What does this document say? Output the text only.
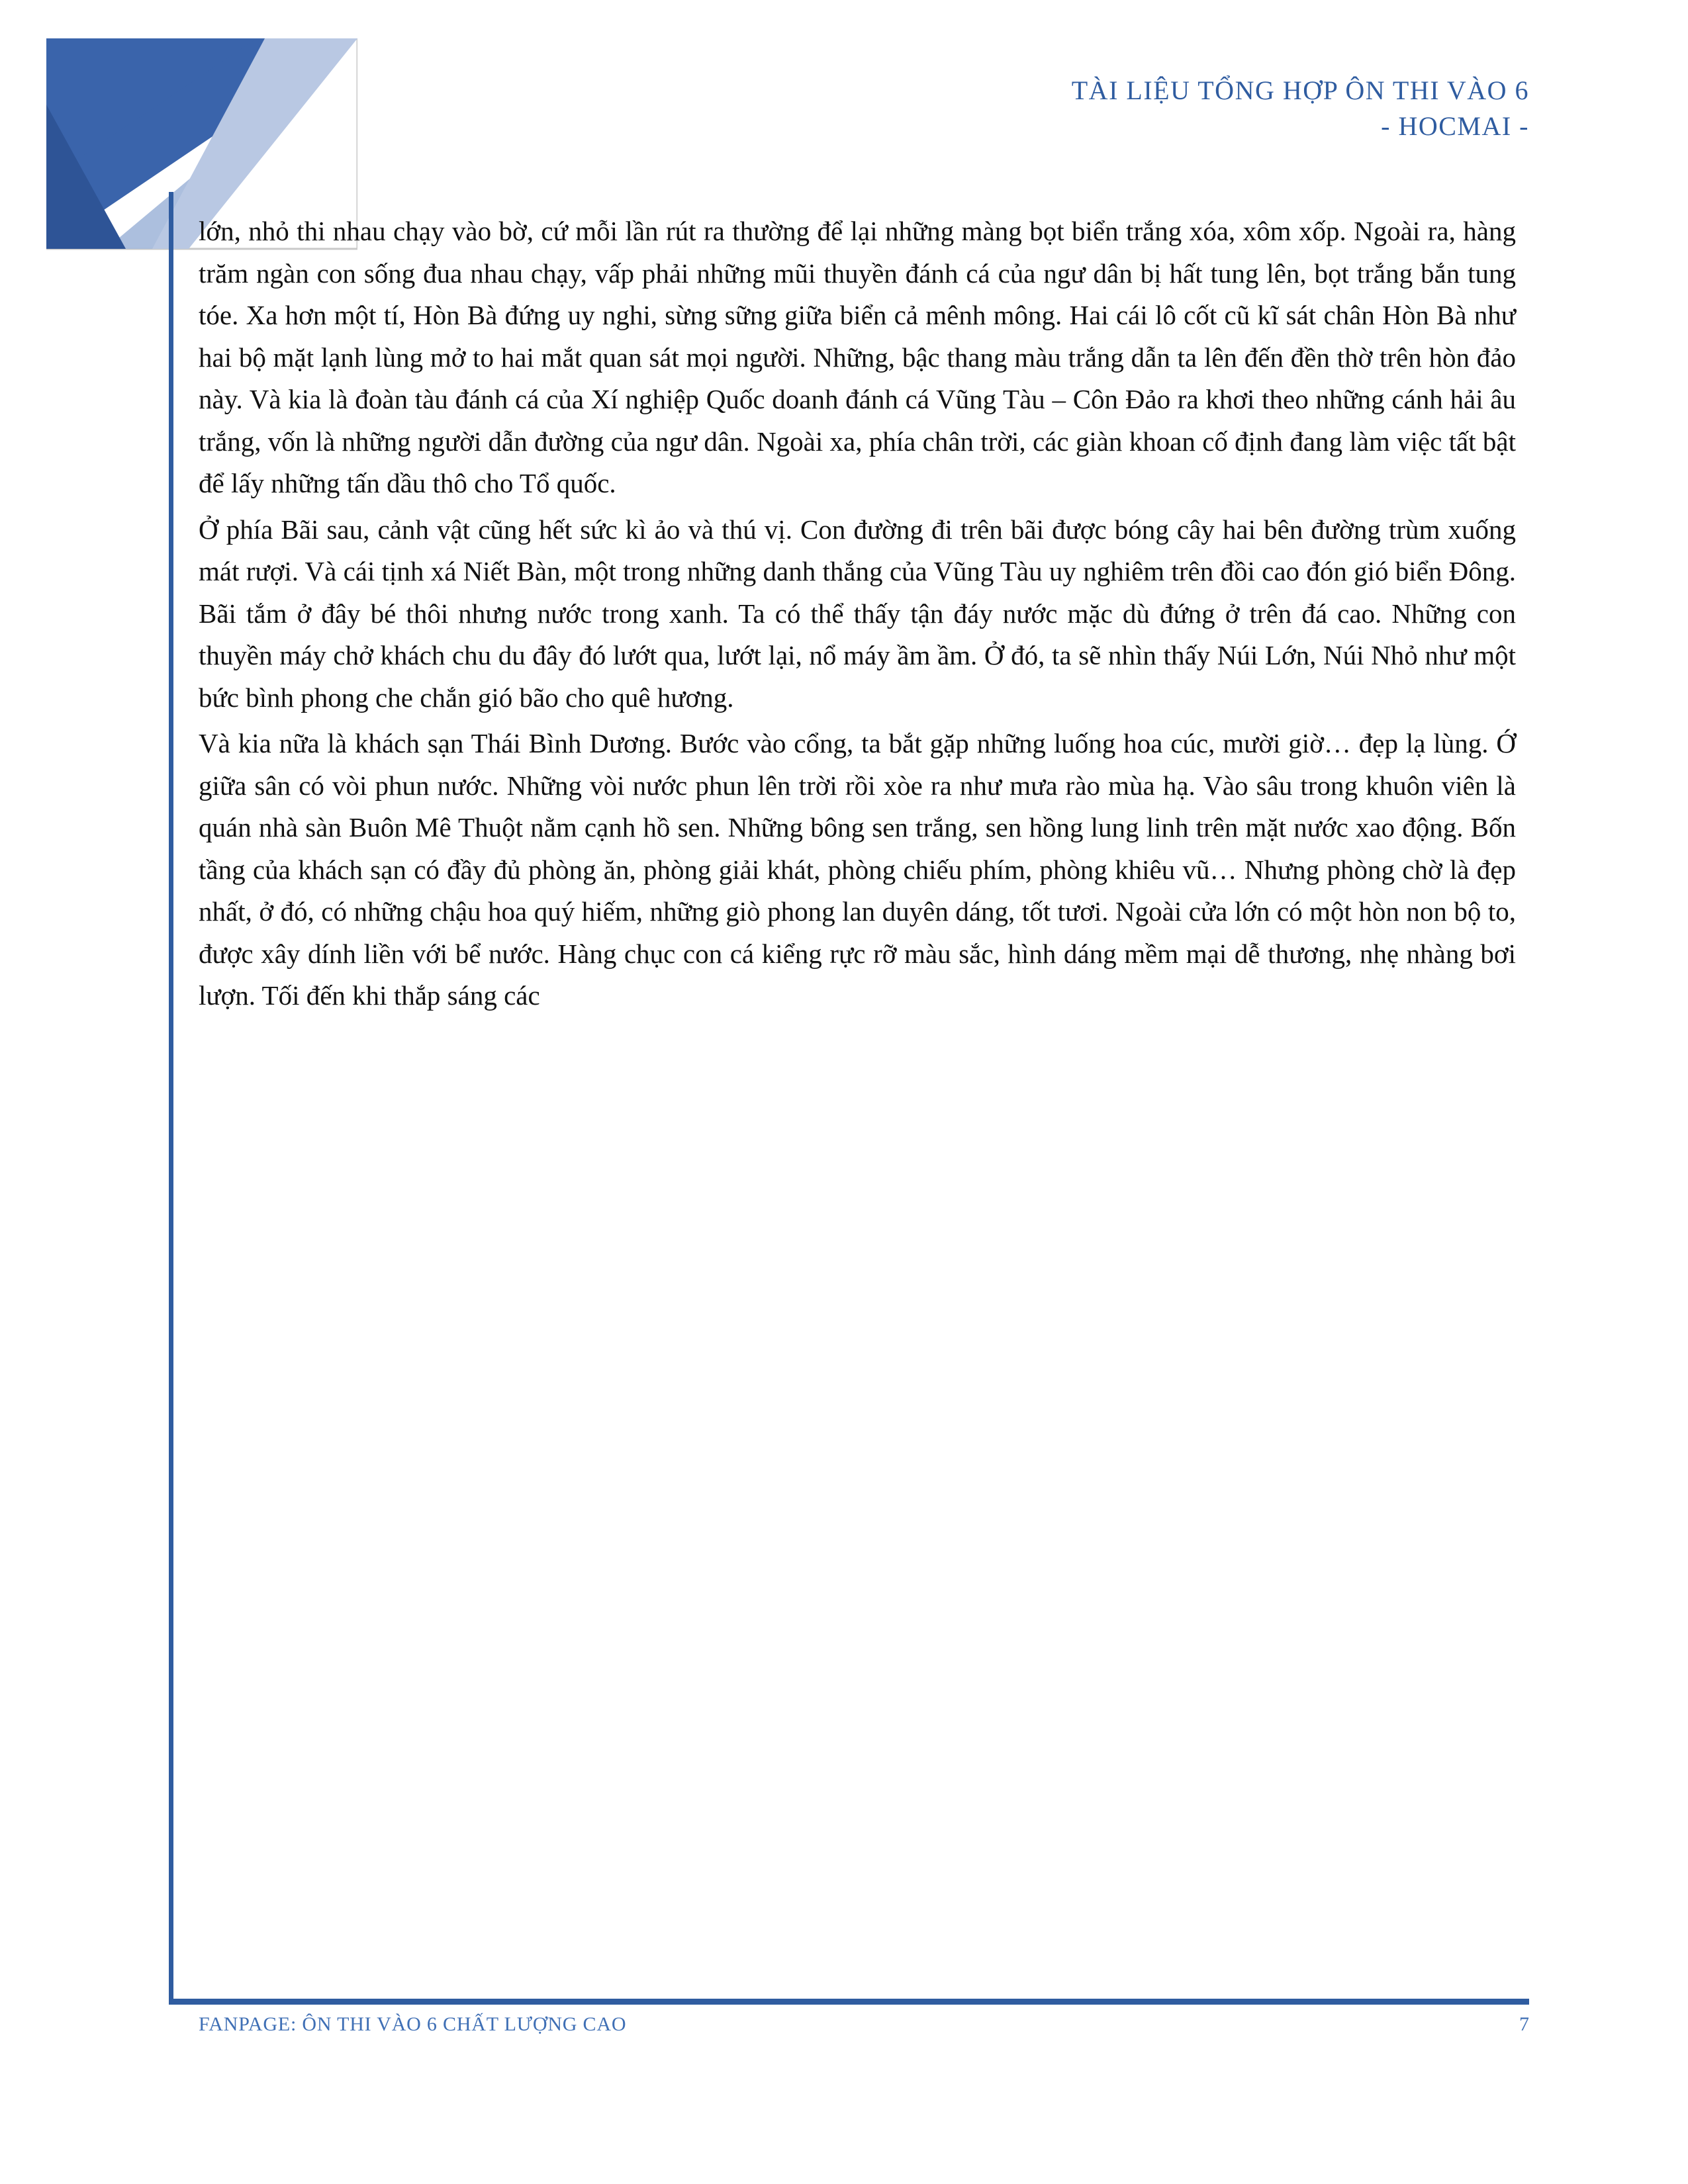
TÀI LIỆU TỔNG HỢP ÔN THI VÀO 6
- HOCMAI -

lớn, nhỏ thi nhau chạy vào bờ, cứ mỗi lần rút ra thường để lại những màng bọt biển trắng xóa, xôm xốp. Ngoài ra, hàng trăm ngàn con sống đua nhau chạy, vấp phải những mũi thuyền đánh cá của ngư dân bị hất tung lên, bọt trắng bắn tung tóe. Xa hơn một tí, Hòn Bà đứng uy nghi, sừng sững giữa biển cả mênh mông. Hai cái lô cốt cũ kĩ sát chân Hòn Bà như hai bộ mặt lạnh lùng mở to hai mắt quan sát mọi người. Những, bậc thang màu trắng dẫn ta lên đến đền thờ trên hòn đảo này. Và kia là đoàn tàu đánh cá của Xí nghiệp Quốc doanh đánh cá Vũng Tàu – Côn Đảo ra khơi theo những cánh hải âu trắng, vốn là những người dẫn đường của ngư dân. Ngoài xa, phía chân trời, các giàn khoan cố định đang làm việc tất bật để lấy những tấn dầu thô cho Tổ quốc.

Ở phía Bãi sau, cảnh vật cũng hết sức kì ảo và thú vị. Con đường đi trên bãi được bóng cây hai bên đường trùm xuống mát rượi. Và cái tịnh xá Niết Bàn, một trong những danh thắng của Vũng Tàu uy nghiêm trên đồi cao đón gió biển Đông. Bãi tắm ở đây bé thôi nhưng nước trong xanh. Ta có thể thấy tận đáy nước mặc dù đứng ở trên đá cao. Những con thuyền máy chở khách chu du đây đó lướt qua, lướt lại, nổ máy ầm ầm. Ở đó, ta sẽ nhìn thấy Núi Lớn, Núi Nhỏ như một bức bình phong che chắn gió bão cho quê hương.

Và kia nữa là khách sạn Thái Bình Dương. Bước vào cổng, ta bắt gặp những luống hoa cúc, mười giờ… đẹp lạ lùng. Ớ giữa sân có vòi phun nước. Những vòi nước phun lên trời rồi xòe ra như mưa rào mùa hạ. Vào sâu trong khuôn viên là quán nhà sàn Buôn Mê Thuột nằm cạnh hồ sen. Những bông sen trắng, sen hồng lung linh trên mặt nước xao động. Bốn tầng của khách sạn có đầy đủ phòng ăn, phòng giải khát, phòng chiếu phím, phòng khiêu vũ… Nhưng phòng chờ là đẹp nhất, ở đó, có những chậu hoa quý hiếm, những giò phong lan duyên dáng, tốt tươi. Ngoài cửa lớn có một hòn non bộ to, được xây dính liền với bể nước. Hàng chục con cá kiểng rực rỡ màu sắc, hình dáng mềm mại dễ thương, nhẹ nhàng bơi lượn. Tối đến khi thắp sáng các

FANPAGE: ÔN THI VÀO 6 CHẤT LƯỢNG CAO	7
